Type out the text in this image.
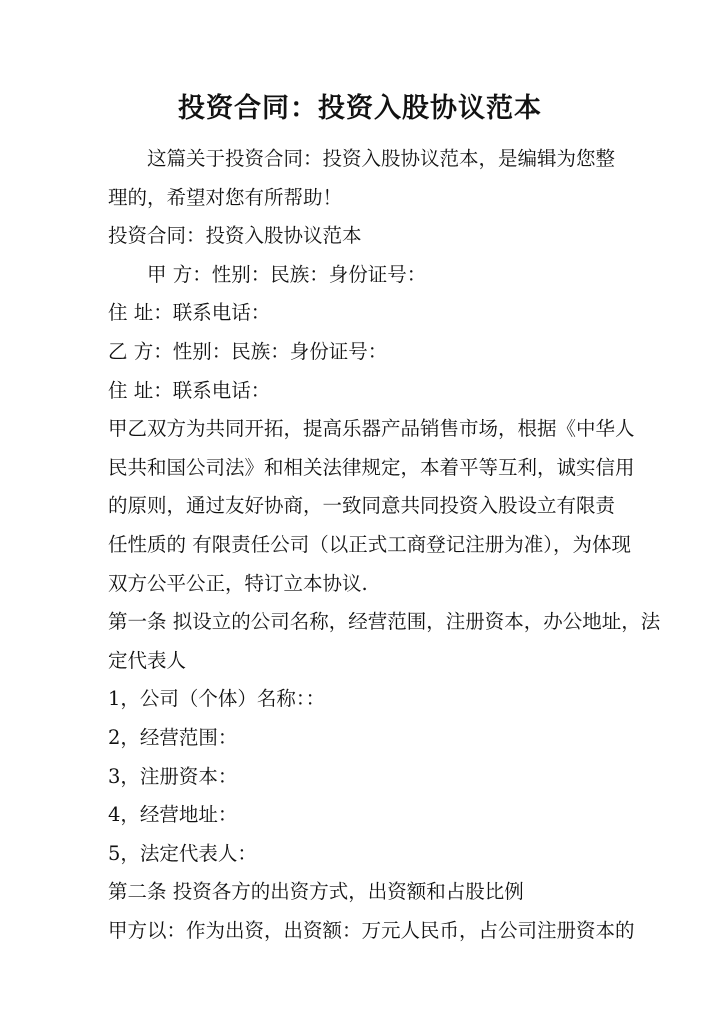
投资合同：投资入股协议范本
这篇关于投资合同：投资入股协议范本，是编辑为您整
理的，希望对您有所帮助！
投资合同：投资入股协议范本
甲 方：性别：民族：身份证号：
住 址：联系电话：
乙 方：性别：民族：身份证号：
住 址：联系电话：
甲乙双方为共同开拓，提高乐器产品销售市场，根据《中华人
民共和国公司法》和相关法律规定，本着平等互利，诚实信用
的原则，通过友好协商，一致同意共同投资入股设立有限责
任性质的 有限责任公司（以正式工商登记注册为准），为体现
双方公平公正，特订立本协议.
第一条 拟设立的公司名称，经营范围，注册资本，办公地址，法
定代表人
1，公司（个体）名称：：
2，经营范围：
3，注册资本：
4，经营地址：
5，法定代表人：
第二条 投资各方的出资方式，出资额和占股比例
甲方以：作为出资，出资额：万元人民币，占公司注册资本的
